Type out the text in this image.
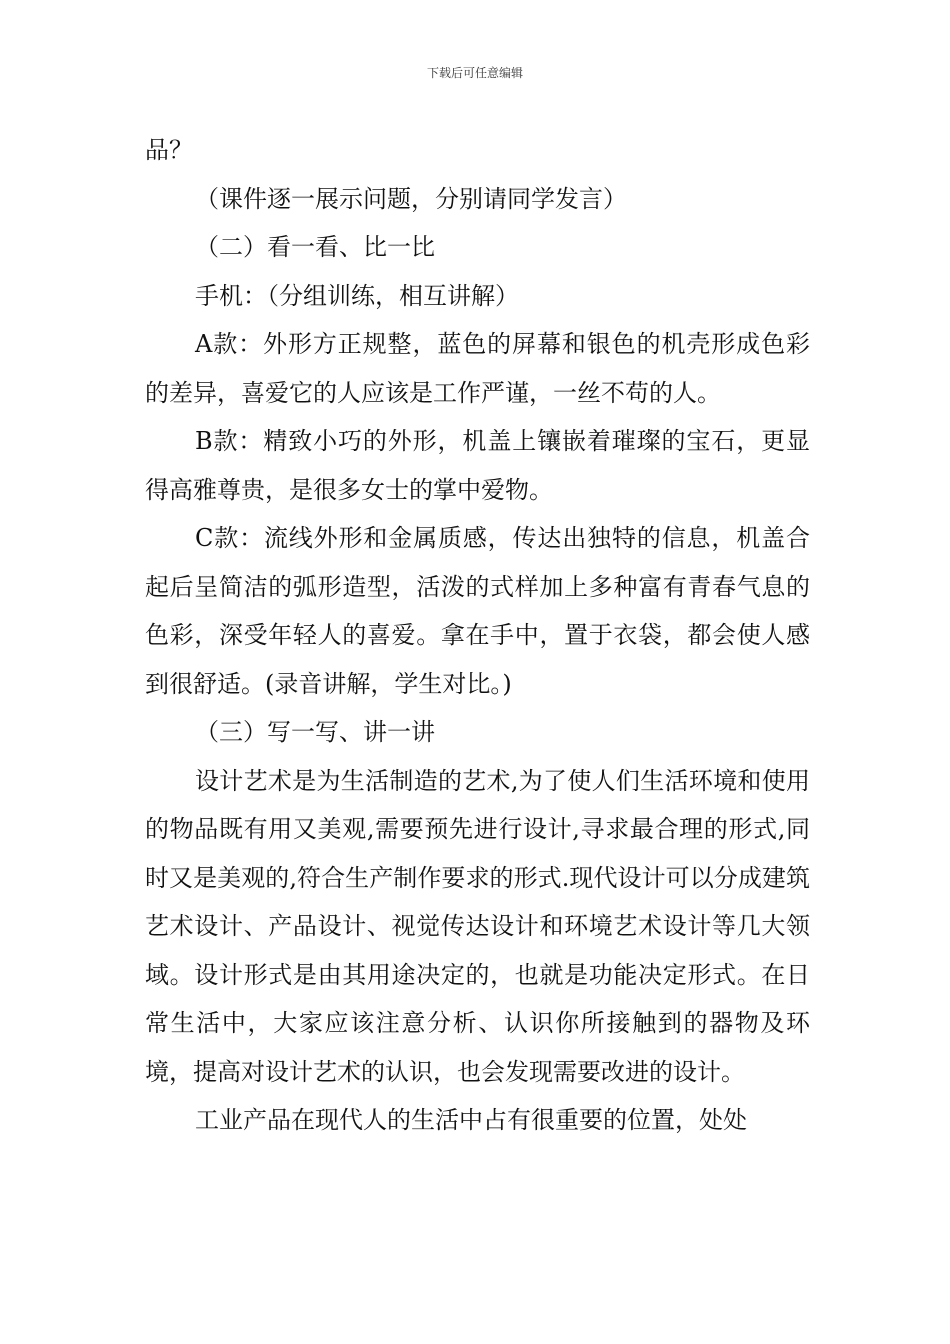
下载后可任意编辑

品？

（课件逐一展示问题，分别请同学发言）

（二）看一看、比一比

手机：（分组训练，相互讲解）

A款：外形方正规整，蓝色的屏幕和银色的机壳形成色彩的差异，喜爱它的人应该是工作严谨，一丝不苟的人。

B款：精致小巧的外形，机盖上镶嵌着璀璨的宝石，更显得高雅尊贵，是很多女士的掌中爱物。

C款：流线外形和金属质感，传达出独特的信息，机盖合起后呈简洁的弧形造型，活泼的式样加上多种富有青春气息的色彩，深受年轻人的喜爱。拿在手中，置于衣袋，都会使人感到很舒适。(录音讲解，学生对比。)

（三）写一写、讲一讲

设计艺术是为生活制造的艺术,为了使人们生活环境和使用的物品既有用又美观,需要预先进行设计,寻求最合理的形式,同时又是美观的,符合生产制作要求的形式.现代设计可以分成建筑艺术设计、产品设计、视觉传达设计和环境艺术设计等几大领域。设计形式是由其用途决定的，也就是功能决定形式。在日常生活中，大家应该注意分析、认识你所接触到的器物及环境，提高对设计艺术的认识，也会发现需要改进的设计。

工业产品在现代人的生活中占有很重要的位置，处处
